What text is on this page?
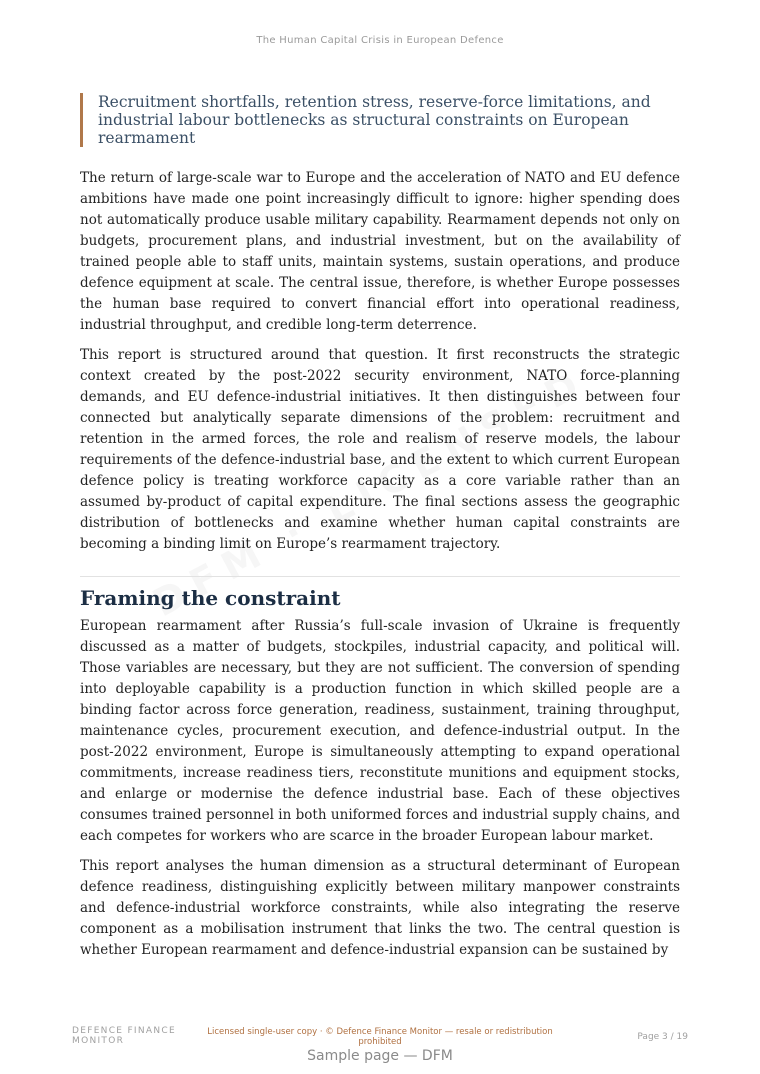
The Human Capital Crisis in European Defence
Recruitment shortfalls, retention stress, reserve-force limitations, and industrial labour bottlenecks as structural constraints on European rearmament

The return of large-scale war to Europe and the acceleration of NATO and EU defence ambitions have made one point increasingly difficult to ignore: higher spending does not automatically produce usable military capability. Rearmament depends not only on budgets, procurement plans, and industrial investment, but on the availability of trained people able to staff units, maintain systems, sustain operations, and produce defence equipment at scale. The central issue, therefore, is whether Europe possesses the human base required to convert financial effort into operational readiness, industrial throughput, and credible long-term deterrence.

This report is structured around that question. It first reconstructs the strategic context created by the post-2022 security environment, NATO force-planning demands, and EU defence-industrial initiatives. It then distinguishes between four connected but analytically separate dimensions of the problem: recruitment and retention in the armed forces, the role and realism of reserve models, the labour requirements of the defence-industrial base, and the extent to which current European defence policy is treating workforce capacity as a core variable rather than an assumed by-product of capital expenditure. The final sections assess the geographic distribution of bottlenecks and examine whether human capital constraints are becoming a binding limit on Europe’s rearmament trajectory.

Framing the constraint

European rearmament after Russia’s full-scale invasion of Ukraine is frequently discussed as a matter of budgets, stockpiles, industrial capacity, and political will. Those variables are necessary, but they are not sufficient. The conversion of spending into deployable capability is a production function in which skilled people are a binding factor across force generation, readiness, sustainment, training throughput, maintenance cycles, procurement execution, and defence-industrial output. In the post-2022 environment, Europe is simultaneously attempting to expand operational commitments, increase readiness tiers, reconstitute munitions and equipment stocks, and enlarge or modernise the defence industrial base. Each of these objectives consumes trained personnel in both uniformed forces and industrial supply chains, and each competes for workers who are scarce in the broader European labour market.

This report analyses the human dimension as a structural determinant of European defence readiness, distinguishing explicitly between military manpower constraints and defence-industrial workforce constraints, while also integrating the reserve component as a mobilisation instrument that links the two. The central question is whether European rearmament and defence-industrial expansion can be sustained by

DEFENCE FINANCE MONITOR
Licensed single-user copy · © Defence Finance Monitor — resale or redistribution prohibited	Page 3 / 19
Sample page — DFM
